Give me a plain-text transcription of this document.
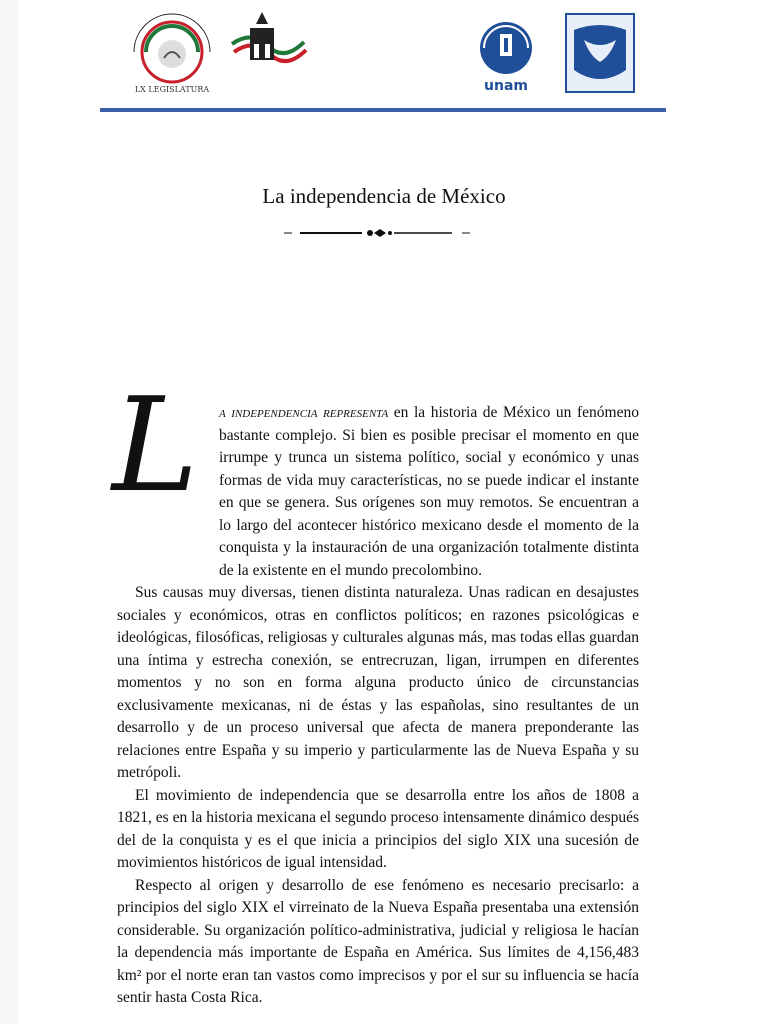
LX LEGISLATURA	unam
La independencia de México
L	a independencia representa en la historia de México un fenómeno bastante complejo. Si bien es posible precisar el momento en que irrumpe y trunca un sistema político, social y económico y unas formas de vida muy características, no se puede indicar el instante en que se genera. Sus orígenes son muy remotos. Se encuentran a lo largo del acontecer histórico mexicano desde el momento de la conquista y la instauración de una organización totalmente distinta de la existente en el mundo precolombino.

Sus causas muy diversas, tienen distinta naturaleza. Unas radican en desajustes sociales y económicos, otras en conflictos políticos; en razones psicológicas e ideológicas, filosóficas, religiosas y culturales algunas más, mas todas ellas guardan una íntima y estrecha conexión, se entrecruzan, ligan, irrumpen en diferentes momentos y no son en forma alguna producto único de circunstancias exclusivamente mexicanas, ni de éstas y las españolas, sino resultantes de un desarrollo y de un proceso universal que afecta de manera preponderante las relaciones entre España y su imperio y particularmente las de Nueva España y su metrópoli.

El movimiento de independencia que se desarrolla entre los años de 1808 a 1821, es en la historia mexicana el segundo proceso intensamente dinámico después del de la conquista y es el que inicia a principios del siglo XIX una sucesión de movimientos históricos de igual intensidad.

Respecto al origen y desarrollo de ese fenómeno es necesario precisarlo: a principios del siglo XIX el virreinato de la Nueva España presentaba una extensión considerable. Su organización político-administrativa, judicial y religiosa le hacían la dependencia más importante de España en América. Sus límites de 4,156,483 km² por el norte eran tan vastos como imprecisos y por el sur su influencia se hacía sentir hasta Costa Rica.
